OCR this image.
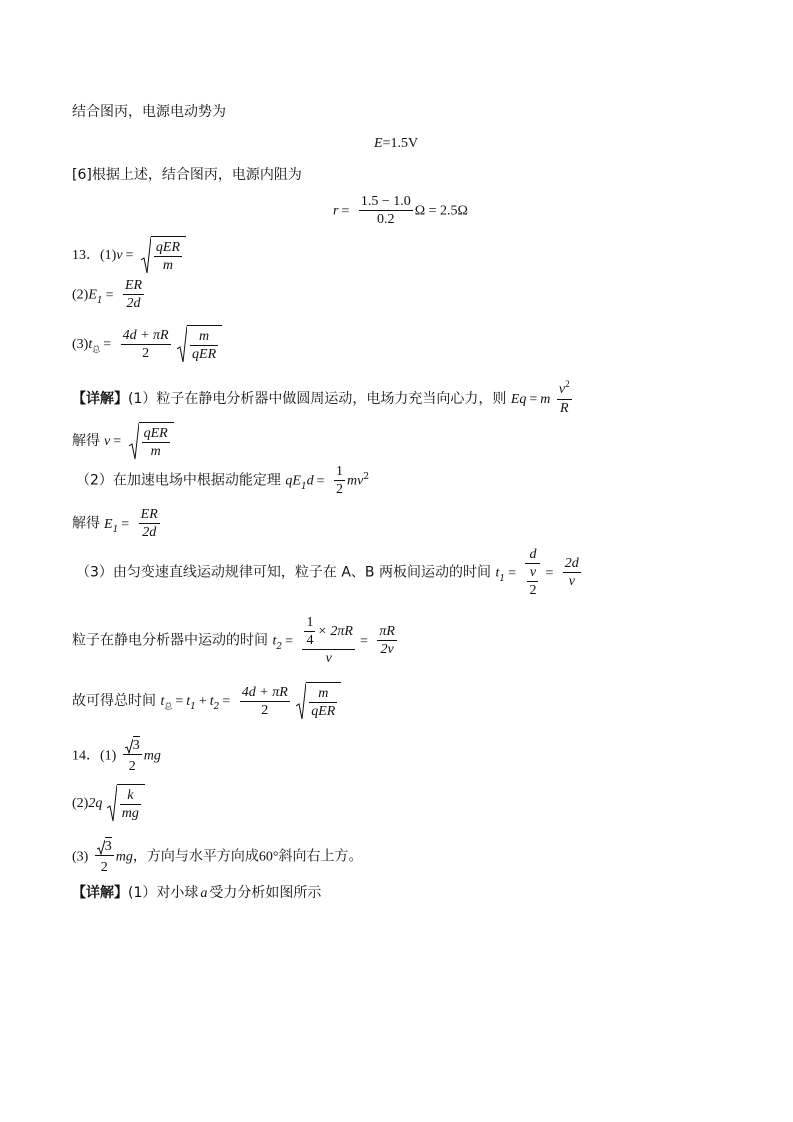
结合图丙，电源电动势为
E=1.5V
[6]根据上述，结合图丙，电源内阻为
$r = \frac{1.5 - 1.0}{0.2}$ Ω = 2.5Ω
13．$(1)v = \frac{\text{qER}}{m}$
$(2)E_1 = \frac{ER}{2d}$
$(3)t_总 = \frac{4d + \pi R}{2}$
$\frac{m}{\text{qER}}$
【详解】(1）粒子在静电分析器中做圆周运动，电场力充当向心力，则 Eq = m $\frac{v^2}{R}$
解得 $v = \frac{\text{qER}}{m}$
（2）在加速电场中根据动能定理 $qE_1d = \frac{1}{2} mv^2$
解得 $E_1 = \frac{ER}{2d}$
（3）由匀变速直线运动规律可知，粒子在 A、B 两板间运动的时间 $t_1 = \frac{d}{\frac{v}{2}} = \frac{2d}{v}$
粒子在静电分析器中运动的时间 $t_2 = \frac{\frac{1}{4} \times 2\pi R}{v} = \frac{\pi R}{2v}$
故可得总时间 $t_总 = t_1 + t_2 = \frac{4d + \pi R}{2}$
$\frac{m}{\text{qER}}$
14．$(1) \frac{3}{2}$ mg
$(2)2q \frac{k}{mg}$
$(3) \frac{3}{2}$ mg，方向与水平方向成60°斜向右上方。
【详解】(1）对小球 a 受力分析如图所示
